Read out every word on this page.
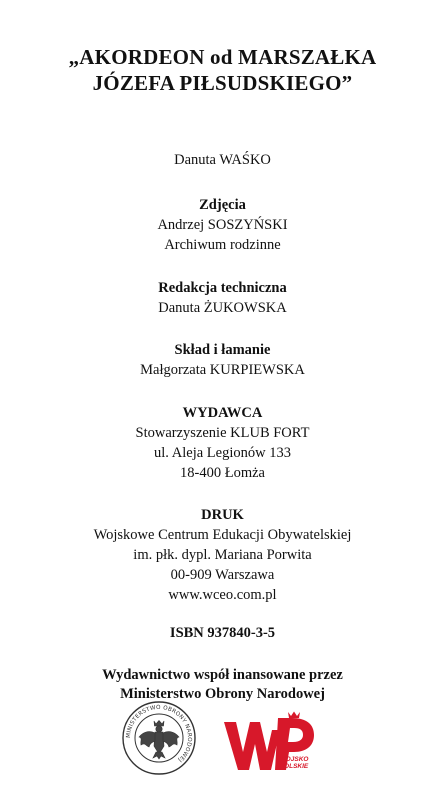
„AKORDEON od MARSZAŁKA
JÓZEFA PIŁSUDSKIEGO”
Danuta WAŚKO
Zdjęcia
Andrzej SOSZYŃSKI
Archiwum rodzinne
Redakcja techniczna
Danuta ŻUKOWSKA
Skład i łamanie
Małgorzata KURPIEWSKA
WYDAWCA
Stowarzyszenie KLUB FORT
ul. Aleja Legionów 133
18-400 Łomża
DRUK
Wojskowe Centrum Edukacji Obywatelskiej
im. płk. dypl. Mariana Porwita
00-909 Warszawa
www.wceo.com.pl
ISBN 937840-3-5
Wydawnictwo współ inansowane przez
Ministerstwo Obrony Narodowej
MINISTERSTWO OBRONY NARODOWEJ	WOJSKO
POLSKIE
